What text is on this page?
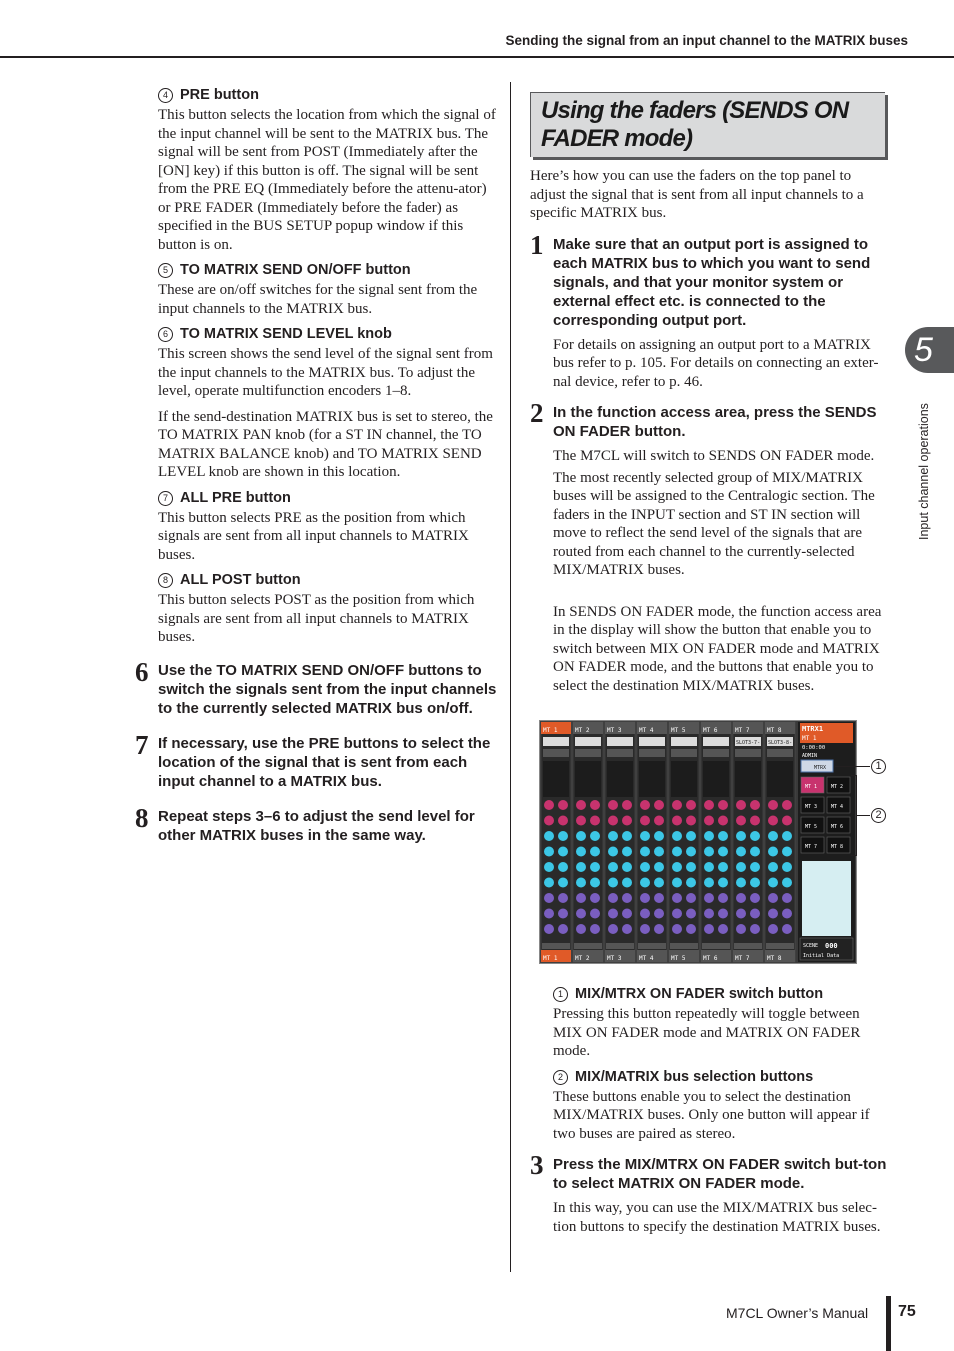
Sending the signal from an input channel to the MATRIX buses
4 PRE button

This button selects the location from which the signal of the input channel will be sent to the MATRIX bus. The signal will be sent from POST (Immediately after the [ON] key) if this button is off. The signal will be sent from the PRE EQ (Immediately before the attenu-ator) or PRE FADER (Immediately before the fader) as specified in the BUS SETUP popup window if this button is on.

5 TO MATRIX SEND ON/OFF button

These are on/off switches for the signal sent from the input channels to the MATRIX bus.

6 TO MATRIX SEND LEVEL knob

This screen shows the send level of the signal sent from the input channels to the MATRIX bus. To adjust the level, operate multifunction encoders 1–8.

If the send-destination MATRIX bus is set to stereo, the TO MATRIX PAN knob (for a ST IN channel, the TO MATRIX BALANCE knob) and TO MATRIX SEND LEVEL knob are shown in this location.

7 ALL PRE button

This button selects PRE as the position from which signals are sent from all input channels to MATRIX buses.

8 ALL POST button

This button selects POST as the position from which signals are sent from all input channels to MATRIX buses.

6 Use the TO MATRIX SEND ON/OFF buttons to switch the signals sent from the input channels to the currently selected MATRIX bus on/off.
7 If necessary, use the PRE buttons to select the location of the signal that is sent from each input channel to a MATRIX bus.
8 Repeat steps 3–6 to adjust the send level for other MATRIX buses in the same way.
Using the faders (SENDS ON FADER mode)

Here’s how you can use the faders on the top panel to adjust the signal that is sent from all input channels to a specific MATRIX bus.

1 Make sure that an output port is assigned to each MATRIX bus to which you want to send signals, and that your monitor system or external effect etc. is connected to the corresponding output port.

For details on assigning an output port to a MATRIX bus refer to p. 105. For details on connecting an exter-nal device, refer to p. 46.

2 In the function access area, press the SENDS ON FADER button.

The M7CL will switch to SENDS ON FADER mode.

The most recently selected group of MIX/MATRIX buses will be assigned to the Centralogic section. The faders in the INPUT section and ST IN section will move to reflect the send level of the signals that are routed from each channel to the currently-selected MIX/MATRIX buses.

In SENDS ON FADER mode, the function access area in the display will show the button that enable you to switch between MIX ON FADER mode and MATRIX ON FADER mode, and the buttons that enable you to select the destination MIX/MATRIX buses.

MT 1
MT 1
MT 2
MT 2
MT 3
MT 3
MT 4
MT 4
MT 5
MT 5
MT 6
MT 6
MT 7
SLOT3-7-
MT 7
MT 8
SLOT3-8-
MT 8
MTRX1
MT 1
0:00:00
ADMIN
MTRX
MT 1	MT 2
MT 3	MT 4
MT 5	MT 6
MT 7	MT 8
SCENE 000
Initial Data
1
2
1 MIX/MTRX ON FADER switch button

Pressing this button repeatedly will toggle between MIX ON FADER mode and MATRIX ON FADER mode.

2 MIX/MATRIX bus selection buttons

These buttons enable you to select the destination MIX/MATRIX buses. Only one button will appear if two buses are paired as stereo.

3 Press the MIX/MTRX ON FADER switch but-ton to select MATRIX ON FADER mode.

In this way, you can use the MIX/MATRIX bus selec-tion buttons to specify the destination MATRIX buses.

5
Input channel operations
M7CL Owner’s Manual 75
